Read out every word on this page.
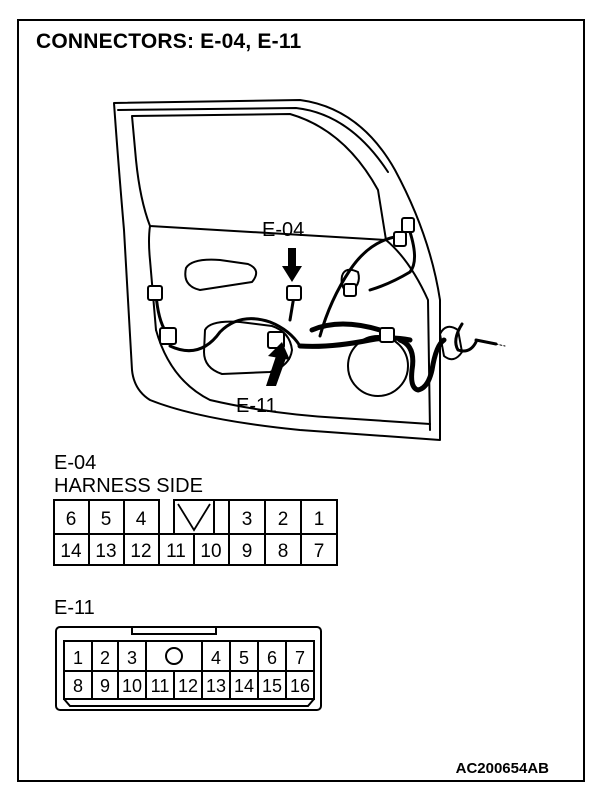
CONNECTORS: E-04, E-11
E-04
E-11
E-04
HARNESS SIDE
6 5 4	3 2 1
14 13 12 11 10 9 8 7
E-11
1 2 3	4 5 6 7
8 9 10 11 12 13 14 15 16
AC200654AB
